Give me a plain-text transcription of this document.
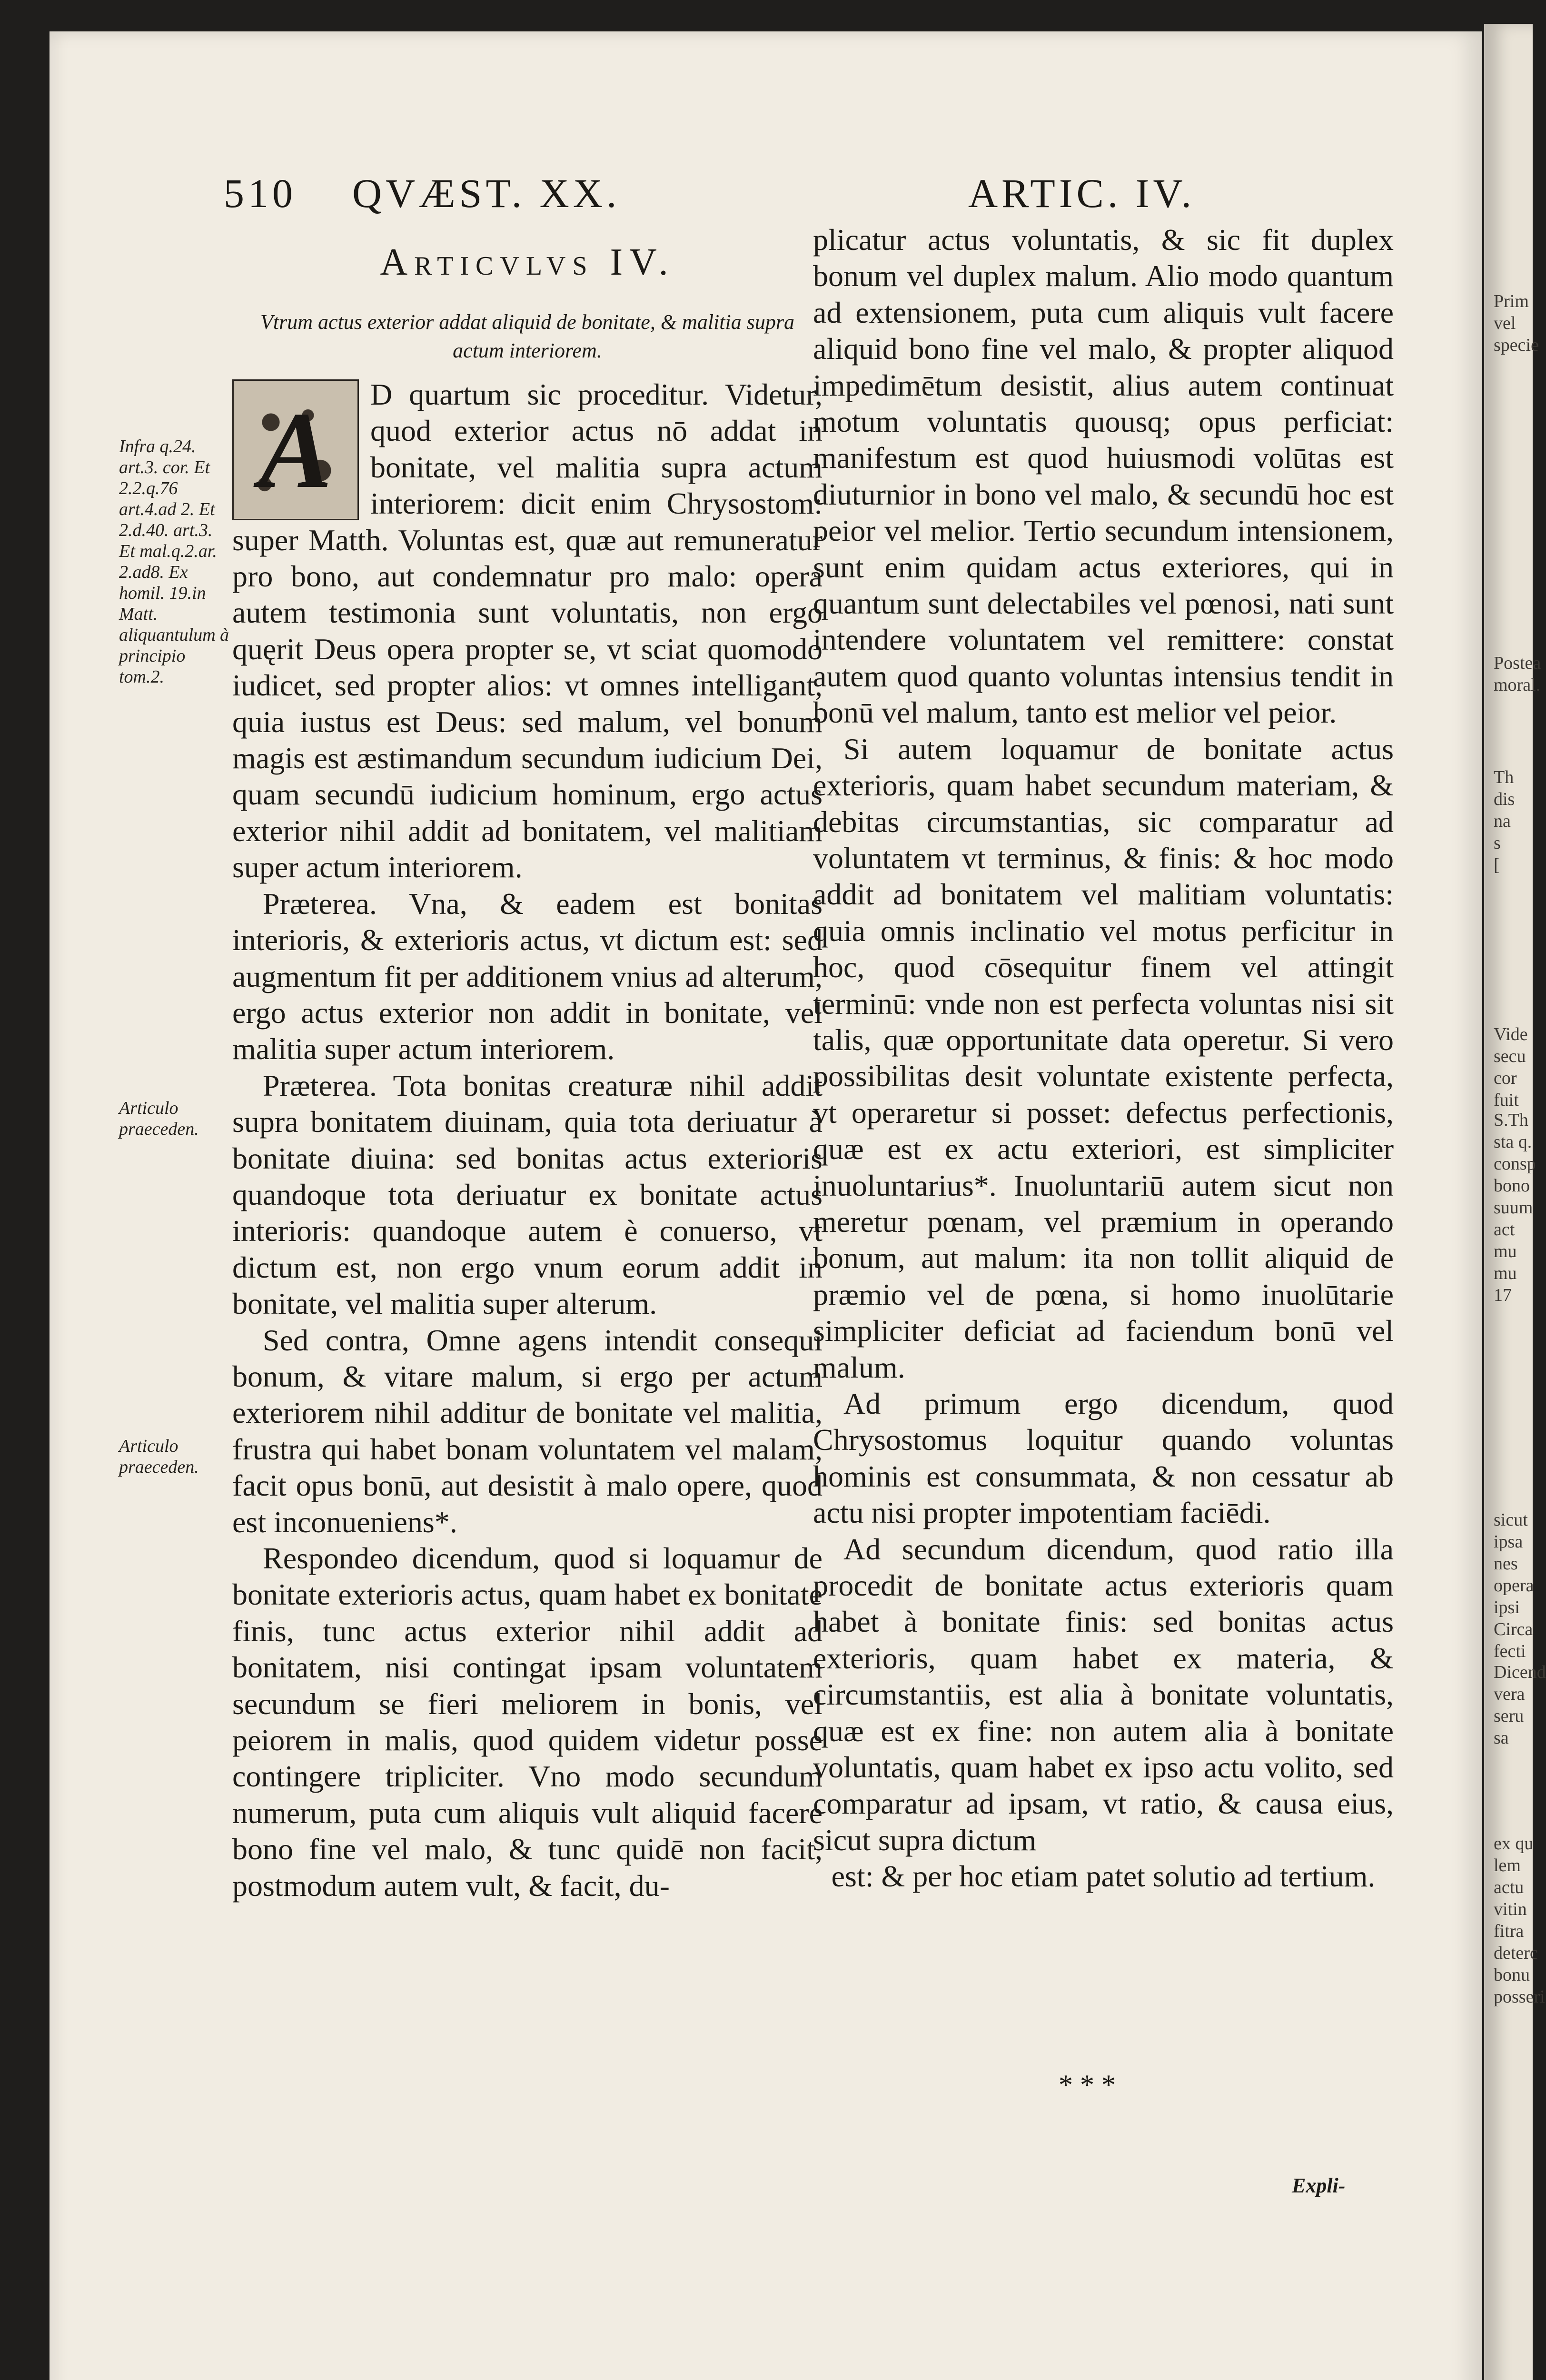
510 QVÆST. XX.	ARTIC. IV.
Articvlvs IV.
Vtrum actus exterior addat aliquid de bonitate, & malitia supra actum interiorem.
A	D quartum sic proceditur. Videtur, quod exterior actus nō addat in bonitate, vel malitia supra actum interiorem: dicit enim Chrysostom: super Matth. Voluntas est, quæ aut remuneratur pro bono, aut condemnatur pro malo: opera autem testimonia sunt voluntatis, non ergo quęrit Deus opera propter se, vt sciat quomodo iudicet, sed propter alios: vt omnes intelligant, quia iustus est Deus: sed malum, vel bonum magis est æstimandum secundum iudicium Dei, quam secundū iudicium hominum, ergo actus exterior nihil addit ad bonitatem, vel malitiam super actum interiorem.

Præterea. Vna, & eadem est bonitas interioris, & exterioris actus, vt dictum est: sed augmentum fit per additionem vnius ad alterum, ergo actus exterior non addit in bonitate, vel malitia super actum interiorem.

Præterea. Tota bonitas creaturæ nihil addit supra bonitatem diuinam, quia tota deriuatur à bonitate diuina: sed bonitas actus exterioris quandoque tota deriuatur ex bonitate actus interioris: quandoque autem è conuerso, vt dictum est, non ergo vnum eorum addit in bonitate, vel malitia super alterum.

Sed contra, Omne agens intendit consequi bonum, & vitare malum, si ergo per actum exteriorem nihil additur de bonitate vel malitia, frustra qui habet bonam voluntatem vel malam, facit opus bonū, aut desistit à malo opere, quod est inconueniens*.

Respondeo dicendum, quod si loquamur de bonitate exterioris actus, quam habet ex bonitate finis, tunc actus exterior nihil addit ad bonitatem, nisi contingat ipsam voluntatem secundum se fieri meliorem in bonis, vel peiorem in malis, quod quidem videtur posse contingere tripliciter. Vno modo secundum numerum, puta cum aliquis vult aliquid facere bono fine vel malo, & tunc quidē non facit, postmodum autem vult, & facit, du-

Infra q.24. art.3. cor. Et 2.2.q.76 art.4.ad 2. Et 2.d.40. art.3. Et mal.q.2.ar. 2.ad8. Ex homil. 19.in Matt. aliquantulum à principio tom.2.
Articulo praeceden.
Articulo praeceden.

plicatur actus voluntatis, & sic fit duplex bonum vel duplex malum. Alio modo quantum ad extensionem, puta cum aliquis vult facere aliquid bono fine vel malo, & propter aliquod impedimētum desistit, alius autem continuat motum voluntatis quousq; opus perficiat: manifestum est quod huiusmodi volūtas est diuturnior in bono vel malo, & secundū hoc est peior vel melior. Tertio secundum intensionem, sunt enim quidam actus exteriores, qui in quantum sunt delectabiles vel pœnosi, nati sunt intendere voluntatem vel remittere: constat autem quod quanto voluntas intensius tendit in bonū vel malum, tanto est melior vel peior.

Si autem loquamur de bonitate actus exterioris, quam habet secundum materiam, & debitas circumstantias, sic comparatur ad voluntatem vt terminus, & finis: & hoc modo addit ad bonitatem vel malitiam voluntatis: quia omnis inclinatio vel motus perficitur in hoc, quod cōsequitur finem vel attingit terminū: vnde non est perfecta voluntas nisi sit talis, quæ opportunitate data operetur. Si vero possibilitas desit voluntate existente perfecta, vt operaretur si posset: defectus perfectionis, quæ est ex actu exteriori, est simpliciter inuoluntarius*. Inuoluntariū autem sicut non meretur pœnam, vel præmium in operando bonum, aut malum: ita non tollit aliquid de præmio vel de pœna, si homo inuolūtarie simpliciter deficiat ad faciendum bonū vel malum.

Ad primum ergo dicendum, quod Chrysostomus loquitur quando voluntas hominis est consummata, & non cessatur ab actu nisi propter impotentiam faciēdi.

Ad secundum dicendum, quod ratio illa procedit de bonitate actus exterioris quam habet à bonitate finis: sed bonitas actus exterioris, quam habet ex materia, & circumstantiis, est alia à bonitate voluntatis, quæ est ex fine: non autem alia à bonitate voluntatis, quam habet ex ipso actu volito, sed comparatur ad ipsam, vt ratio, & causa eius, sicut supra dictum

est: & per hoc etiam patet solutio ad tertium.

* * *
Expli-
Prim vel
specie
Postea
moral.
Th
dis
na
s
[
Vide
secu
cor
fuit
S.Th
sta q.
consp
bono
suum
act
mu
mu
17
sicut
ipsa
nes
opera
ipsi
Circa
fecti
Dicend
vera
seru
sa
ex qu
lem
actu
vitin
fitra
deterc
bonu
posseri
